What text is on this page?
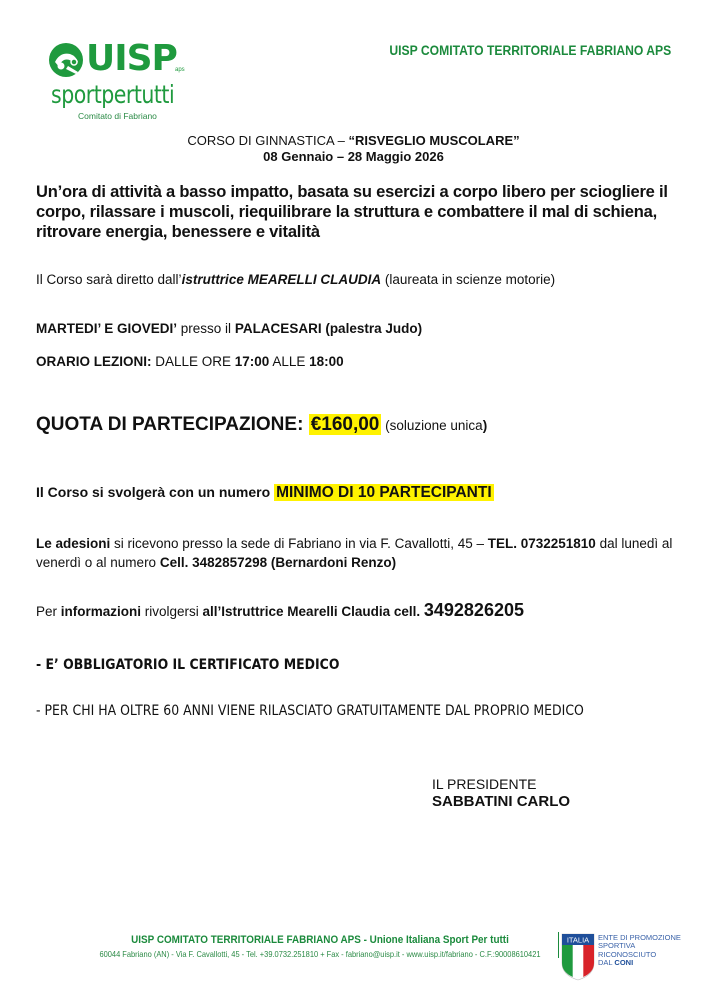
UISP
aps
sportpertutti
Comitato di Fabriano
UISP COMITATO TERRITORIALE FABRIANO APS
CORSO DI GINNASTICA – “RISVEGLIO MUSCOLARE”
08 Gennaio – 28 Maggio 2026
Un’ora di attività a basso impatto, basata su esercizi a corpo libero per sciogliere il corpo, rilassare i muscoli, riequilibrare la struttura e combattere il mal di schiena, ritrovare energia, benessere e vitalità
Il Corso sarà diretto dall’istruttrice MEARELLI CLAUDIA (laureata in scienze motorie)
MARTEDI’ E GIOVEDI’ presso il PALACESARI (palestra Judo)
ORARIO LEZIONI: DALLE ORE 17:00 ALLE 18:00
QUOTA DI PARTECIPAZIONE: €160,00 (soluzione unica)
Il Corso si svolgerà con un numero MINIMO DI 10 PARTECIPANTI
Le adesioni si ricevono presso la sede di Fabriano in via F. Cavallotti, 45 – TEL. 0732251810 dal lunedì al venerdì o al numero Cell. 3482857298 (Bernardoni Renzo)
Per informazioni rivolgersi all’Istruttrice Mearelli Claudia cell. 3492826205
- E’ OBBLIGATORIO IL CERTIFICATO MEDICO
- PER CHI HA OLTRE 60 ANNI VIENE RILASCIATO GRATUITAMENTE DAL PROPRIO MEDICO
IL PRESIDENTE
SABBATINI CARLO
UISP COMITATO TERRITORIALE FABRIANO APS - Unione Italiana Sport Per tutti
60044 Fabriano (AN) - Via F. Cavallotti, 45 - Tel. +39.0732.251810 + Fax - fabriano@uisp.it - www.uisp.it/fabriano - C.F.:90008610421
ITALIA ENTE DI PROMOZIONE
SPORTIVA
RICONOSCIUTO
DAL CONI
